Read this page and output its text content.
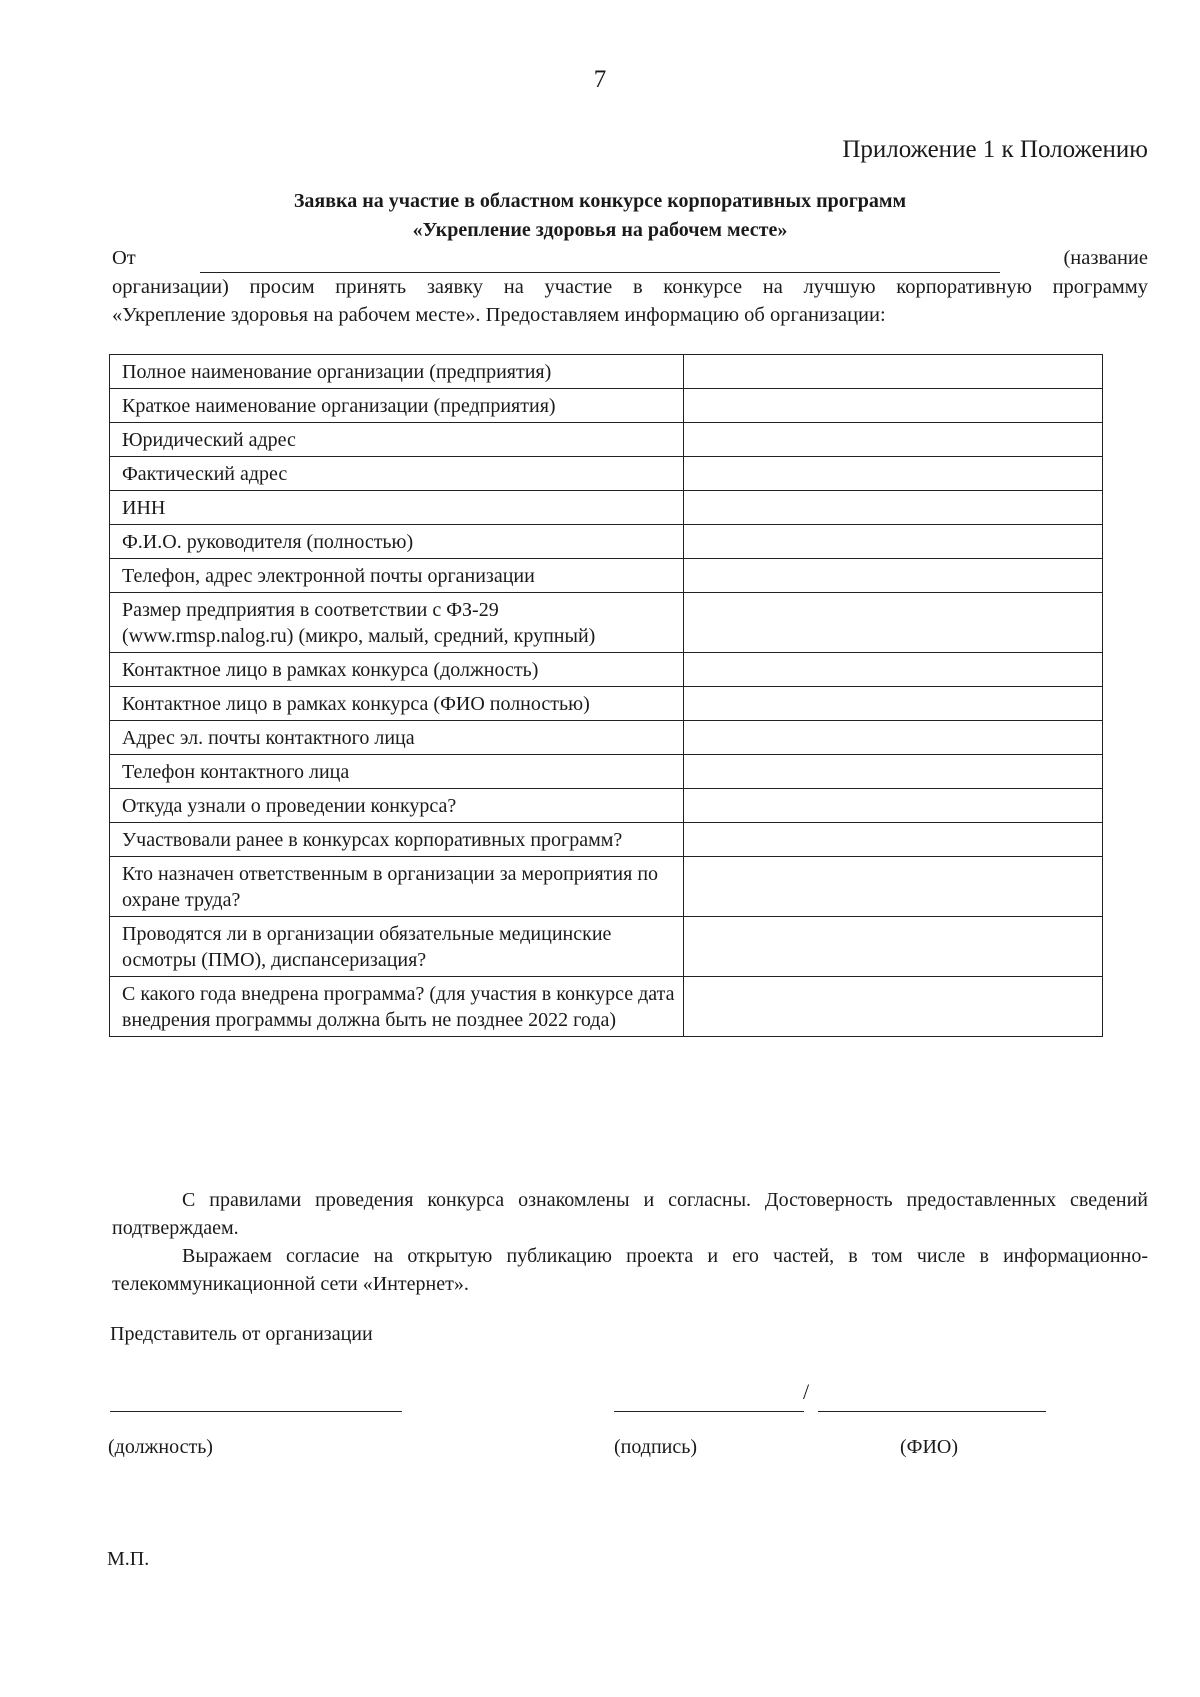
7
Приложение 1 к Положению
Заявка на участие в областном конкурсе корпоративных программ
«Укрепление здоровья на рабочем месте»
От	(название
организации) просим принять заявку на участие в конкурсе на лучшую корпоративную программу
«Укрепление здоровья на рабочем месте». Предоставляем информацию об организации:
Полное наименование организации (предприятия)	
Краткое наименование организации (предприятия)	
Юридический адрес	
Фактический адрес	
ИНН	
Ф.И.О. руководителя (полностью)	
Телефон, адрес электронной почты организации	
Размер предприятия в соответствии с ФЗ-29 (www.rmsp.nalog.ru) (микро, малый, средний, крупный)	
Контактное лицо в рамках конкурса (должность)	
Контактное лицо в рамках конкурса (ФИО полностью)	
Адрес эл. почты контактного лица	
Телефон контактного лица	
Откуда узнали о проведении конкурса?	
Участвовали ранее в конкурсах корпоративных программ?	
Кто назначен ответственным в организации за мероприятия по охране труда?	
Проводятся ли в организации обязательные медицинские осмотры (ПМО), диспансеризация?	
С какого года внедрена программа? (для участия в конкурсе дата внедрения программы должна быть не позднее 2022 года)	

С правилами проведения конкурса ознакомлены и согласны. Достоверность предоставленных сведений подтверждаем.

Выражаем согласие на открытую публикацию проекта и его частей, в том числе в информационно-телекоммуникационной сети «Интернет».

Представитель от организации
/
(должность)	(подпись)	(ФИО)
М.П.
